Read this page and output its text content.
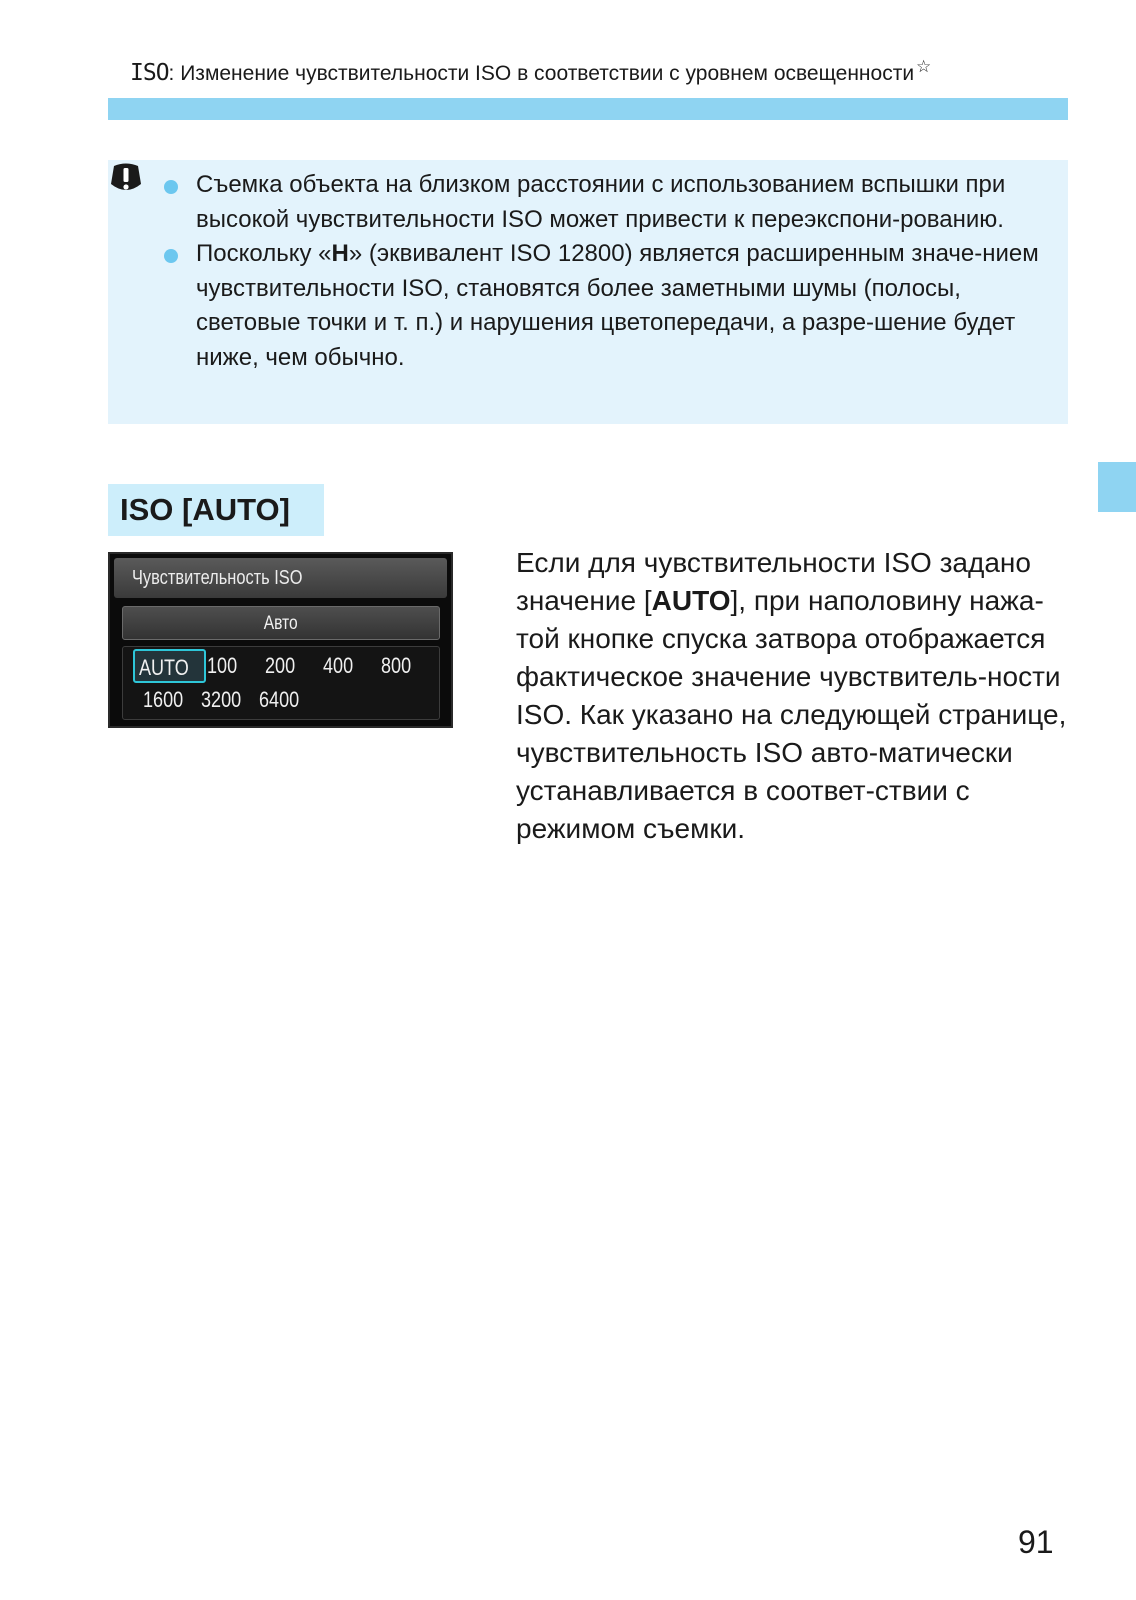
ISO: Изменение чувствительности ISO в соответствии с уровнем освещенности ☆
Съемка объекта на близком расстоянии с использованием вспышки при высокой чувствительности ISO может привести к переэкспони-рованию.
Поскольку «H» (эквивалент ISO 12800) является расширенным значе-нием чувствительности ISO, становятся более заметными шумы (полосы, световые точки и т. п.) и нарушения цветопередачи, а разре-шение будет ниже, чем обычно.
ISO [AUTO]
Чувствительность ISO
Авто
AUTO 100	200	400	800
1600 3200 6400
Если для чувствительности ISO задано значение [AUTO], при наполовину нажа-той кнопке спуска затвора отображается фактическое значение чувствитель-ности ISO. Как указано на следующей странице, чувствительность ISO авто-матически устанавливается в соответ-ствии с режимом съемки.
91
